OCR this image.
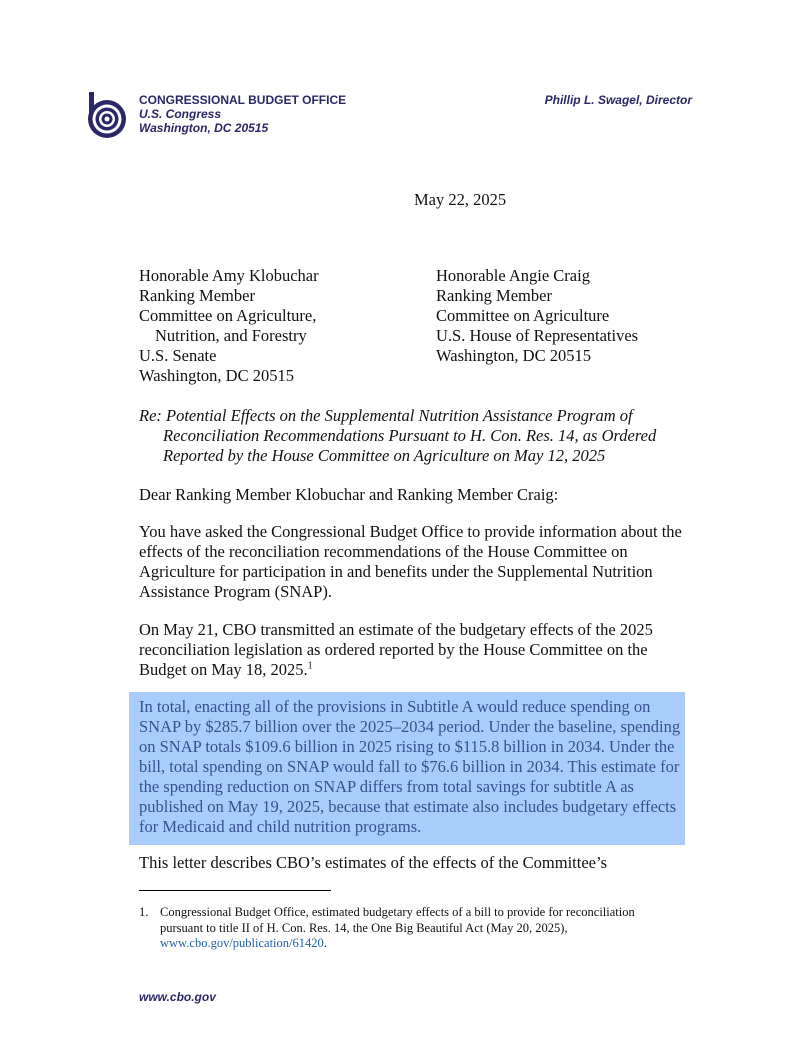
CONGRESSIONAL BUDGET OFFICE
U.S. Congress
Washington, DC 20515
Phillip L. Swagel, Director
May 22, 2025
Honorable Amy Klobuchar
Ranking Member
Committee on Agriculture,
Nutrition, and Forestry
U.S. Senate
Washington, DC 20515
Honorable Angie Craig
Ranking Member
Committee on Agriculture
U.S. House of Representatives
Washington, DC 20515
Re: Potential Effects on the Supplemental Nutrition Assistance Program of
Reconciliation Recommendations Pursuant to H. Con. Res. 14, as Ordered
Reported by the House Committee on Agriculture on May 12, 2025
Dear Ranking Member Klobuchar and Ranking Member Craig:
You have asked the Congressional Budget Office to provide information about the effects of the reconciliation recommendations of the House Committee on Agriculture for participation in and benefits under the Supplemental Nutrition Assistance Program (SNAP).
On May 21, CBO transmitted an estimate of the budgetary effects of the 2025 reconciliation legislation as ordered reported by the House Committee on the Budget on May 18, 2025.$^1$
In total, enacting all of the provisions in Subtitle A would reduce spending on SNAP by $285.7 billion over the 2025–2034 period. Under the baseline, spending on SNAP totals $109.6 billion in 2025 rising to $115.8 billion in 2034. Under the bill, total spending on SNAP would fall to $76.6 billion in 2034. This estimate for the spending reduction on SNAP differs from total savings for subtitle A as published on May 19, 2025, because that estimate also includes budgetary effects for Medicaid and child nutrition programs.
This letter describes CBO’s estimates of the effects of the Committee’s
1. Congressional Budget Office, estimated budgetary effects of a bill to provide for reconciliation pursuant to title II of H. Con. Res. 14, the One Big Beautiful Act (May 20, 2025), www.cbo.gov/publication/61420.
www.cbo.gov
